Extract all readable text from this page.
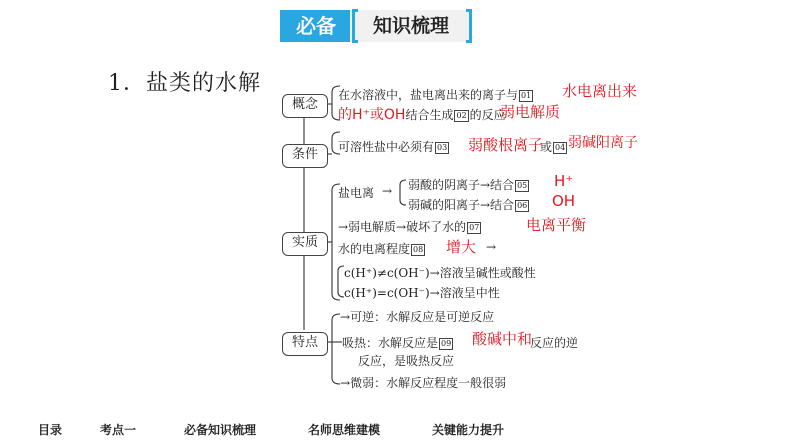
必备	知识梳理
1．盐类的水解
概念
条件
实质
特点
在水溶液中，盐电离出来的离子与 01 水电离出来
的H⁺或OH结合生成 02 的反应
弱电解质
可溶性盐中必须有 03 弱酸根离子
或 04 弱碱阳离子
盐电离 → 弱酸的阴离子→结合 05 H⁺
弱碱的阳离子→结合 06 OH
→弱电解质→破坏了水的 07	电离平衡
水的电离程度 08 增大 →
c(H⁺)≠c(OH⁻)→溶液呈碱性或酸性
c(H⁺)=c(OH⁻)→溶液呈中性
→可逆：水解反应是可逆反应
吸热：水解反应是 09 酸碱中和
反应的逆
反应，是吸热反应
→微弱：水解反应程度一般很弱
目录	考点一	必备知识梳理	名师思维建模	关键能力提升
